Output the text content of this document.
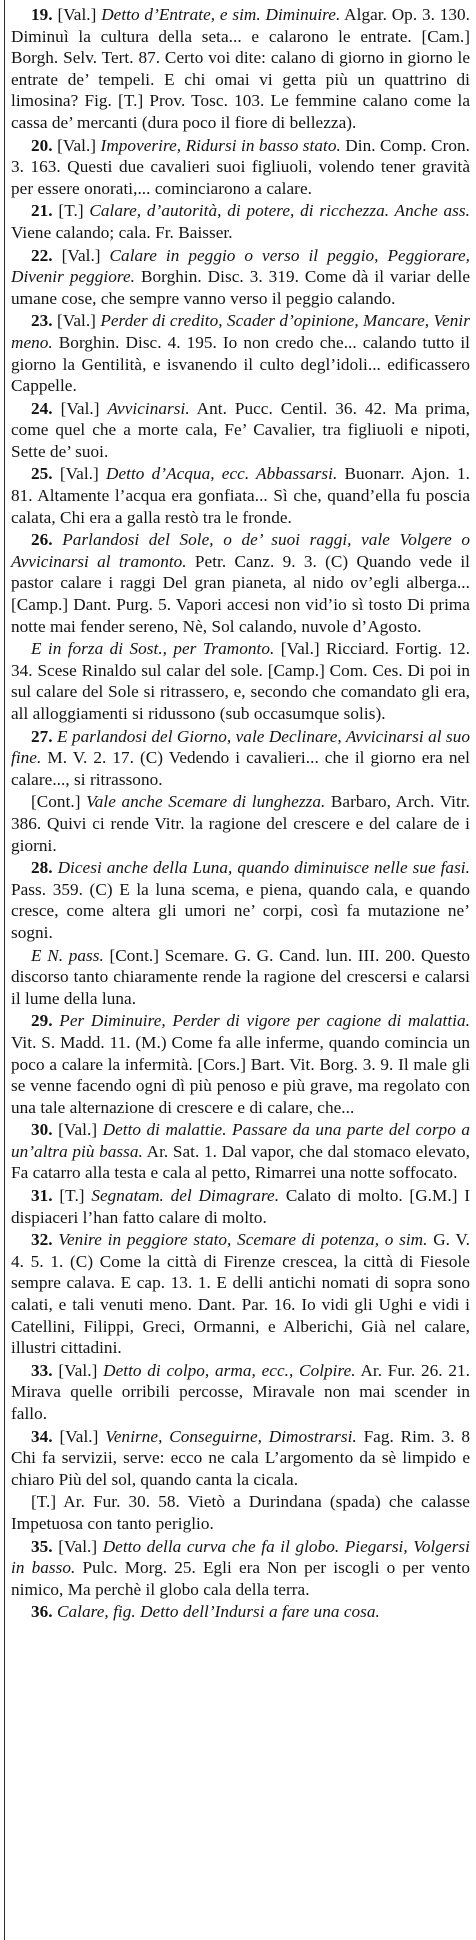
19. [Val.] Detto d’Entrate, e sim. Diminuire. Algar. Op. 3. 130. Diminuì la cultura della seta... e calarono le entrate. [Cam.] Borgh. Selv. Tert. 87. Certo voi dite: calano di giorno in giorno le entrate de’ tempeli. E chi omai vi getta più un quattrino di limosina? Fig. [T.] Prov. Tosc. 103. Le femmine calano come la cassa de’ mercanti (dura poco il fiore di bellezza).

20. [Val.] Impoverire, Ridursi in basso stato. Din. Comp. Cron. 3. 163. Questi due cavalieri suoi figliuoli, volendo tener gravità per essere onorati,... cominciarono a calare.

21. [T.] Calare, d’autorità, di potere, di ricchezza. Anche ass. Viene calando; cala. Fr. Baisser.

22. [Val.] Calare in peggio o verso il peggio, Peggiorare, Divenir peggiore. Borghin. Disc. 3. 319. Come dà il variar delle umane cose, che sempre vanno verso il peggio calando.

23. [Val.] Perder di credito, Scader d’opinione, Mancare, Venir meno. Borghin. Disc. 4. 195. Io non credo che... calando tutto il giorno la Gentilità, e isvanendo il culto degl’idoli... edificassero Cappelle.

24. [Val.] Avvicinarsi. Ant. Pucc. Centil. 36. 42. Ma prima, come quel che a morte cala, Fe’ Cavalier, tra figliuoli e nipoti, Sette de’ suoi.

25. [Val.] Detto d’Acqua, ecc. Abbassarsi. Buonarr. Ajon. 1. 81. Altamente l’acqua era gonfiata... Sì che, quand’ella fu poscia calata, Chi era a galla restò tra le fronde.

26. Parlandosi del Sole, o de’ suoi raggi, vale Volgere o Avvicinarsi al tramonto. Petr. Canz. 9. 3. (C) Quando vede il pastor calare i raggi Del gran pianeta, al nido ov’egli alberga... [Camp.] Dant. Purg. 5. Vapori accesi non vid’io sì tosto Di prima notte mai fender sereno, Nè, Sol calando, nuvole d’Agosto.

E in forza di Sost., per Tramonto. [Val.] Ricciard. Fortig. 12. 34. Scese Rinaldo sul calar del sole. [Camp.] Com. Ces. Di poi in sul calare del Sole si ritrassero, e, secondo che comandato gli era, all alloggiamenti si ridussono (sub occasumque solis).

27. E parlandosi del Giorno, vale Declinare, Avvicinarsi al suo fine. M. V. 2. 17. (C) Vedendo i cavalieri... che il giorno era nel calare..., si ritrassono.

[Cont.] Vale anche Scemare di lunghezza. Barbaro, Arch. Vitr. 386. Quivi ci rende Vitr. la ragione del crescere e del calare de i giorni.

28. Dicesi anche della Luna, quando diminuisce nelle sue fasi. Pass. 359. (C) E la luna scema, e piena, quando cala, e quando cresce, come altera gli umori ne’ corpi, così fa mutazione ne’ sogni.

E N. pass. [Cont.] Scemare. G. G. Cand. lun. III. 200. Questo discorso tanto chiaramente rende la ragione del crescersi e calarsi il lume della luna.

29. Per Diminuire, Perder di vigore per cagione di malattia. Vit. S. Madd. 11. (M.) Come fa alle inferme, quando comincia un poco a calare la infermità. [Cors.] Bart. Vit. Borg. 3. 9. Il male gli se venne facendo ogni dì più penoso e più grave, ma regolato con una tale alternazione di crescere e di calare, che...

30. [Val.] Detto di malattie. Passare da una parte del corpo a un’altra più bassa. Ar. Sat. 1. Dal vapor, che dal stomaco elevato, Fa catarro alla testa e cala al petto, Rimarrei una notte soffocato.

31. [T.] Segnatam. del Dimagrare. Calato di molto. [G.M.] I dispiaceri l’han fatto calare di molto.

32. Venire in peggiore stato, Scemare di potenza, o sim. G. V. 4. 5. 1. (C) Come la città di Firenze crescea, la città di Fiesole sempre calava. E cap. 13. 1. E delli antichi nomati di sopra sono calati, e tali venuti meno. Dant. Par. 16. Io vidi gli Ughi e vidi i Catellini, Filippi, Greci, Ormanni, e Alberichi, Già nel calare, illustri cittadini.

33. [Val.] Detto di colpo, arma, ecc., Colpire. Ar. Fur. 26. 21. Mirava quelle orribili percosse, Miravale non mai scender in fallo.

34. [Val.] Venirne, Conseguirne, Dimostrarsi. Fag. Rim. 3. 8 Chi fa servizii, serve: ecco ne cala L’argomento da sè limpido e chiaro Più del sol, quando canta la cicala.

[T.] Ar. Fur. 30. 58. Vietò a Durindana (spada) che calasse Impetuosa con tanto periglio.

35. [Val.] Detto della curva che fa il globo. Piegarsi, Volgersi in basso. Pulc. Morg. 25. Egli era Non per iscogli o per vento nimico, Ma perchè il globo cala della terra.

36. Calare, fig. Detto dell’Indursi a fare una cosa.
